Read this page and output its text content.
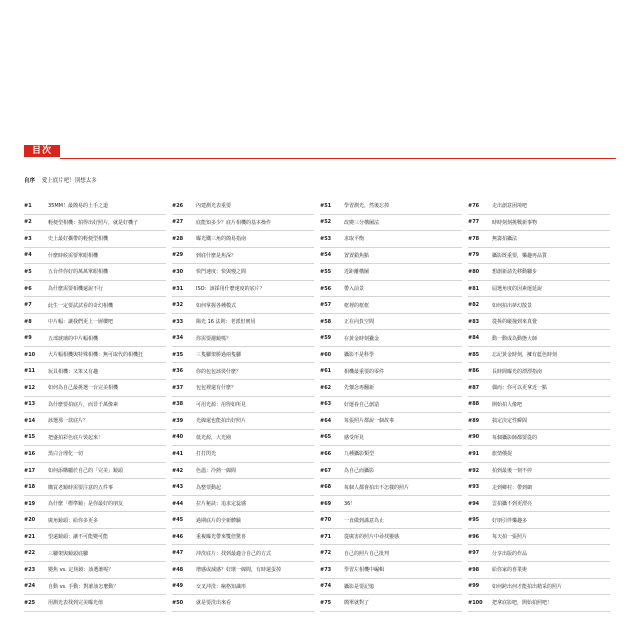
目次
自序 愛上底片吧！別想太多
#1	35MM！最簡易的上手之道
#2	輕便型相機：拍得出好照片，就是好機子
#3	史上最好攜帶的輕便型相機
#4	什麼時候需要單眼相機
#5	五台伴你好的萬萬單眼相機
#6	為什麼需要相機還說不行
#7	此生一定要試試看的奇幻相機
#8	中片幅：讓我們更上一層樓吧
#9	五部琥璃的中片幅相機
#10	大片幅相機與特殊相機：無可取代的相機狂
#11	玩具相機：又笨又有趣
#12	如何為自己最挑選一台完美相機
#13	為什麼要拍底片，而非千萬像素
#14	該選那一款底片？
#15	把盛拍彩色底片裝起來！
#16	黑白合理化一切
#17	如何添購屬於自己的「完美」鏡頭
#18	購買老鏡時需要注意的五件事
#19	為什麼「標準鏡」是你最好的朋友
#20	廣角鏡頭：給你多更多
#21	望遠鏡頭：讓不可能變可能
#22	三腳架與鏡頭底腳
#23	變焦 vs. 定焦鏡：該選誰呢？
#24	自動 vs. 手動：對誰該怎麼動？
#25	用測光表找到完美曝光值
#26	內建測光表重要
#27	底能知多少？底片相機的基本操作
#28	曝光鐵三角的簡易指南
#29	到底什麼是焦深？
#30	快門速度：快與慢之間
#31	ISO：該採用什麼速度的底片？
#32	如何掌握各種模式
#33	陽光 16 法則：老派但實用
#34	你需要濾鏡嗎？
#35	三隻腳架勝過兩隻腳
#36	你的包包該裝什麼？
#37	包包裡還有什麼？
#38	可用光源：用得如所見
#39	光線還也能拍出好照片
#40	低光源，大光圈
#41	打打閃光
#42	色溫：冷熱一線間
#43	為整票動起
#44	拉片秘訣：追求定蕊感
#45	過期底片的全新體驗
#46	重複曝光帶來雙倍驚喜
#47	沖洗底片：找到最適合自己的方式
#48	增感或減感？好壞一線間，有時還蛋掉
#49	交叉沖洗：瘋格知識形
#50	就是要洗出來看
#51	學習測光，然後忘掉
#52	改變三分構圖法
#53	求取平衡
#54	置置錯焦點
#55	近距離構圖
#56	帶入前景
#57	框裡的框框
#58	正在向負空間
#59	在黃金時刻獵金
#60	攝影不是科學
#61	相機最重要的零件
#62	先懷念再翻新
#63	好運眷自己創造
#64	每張照片都說一個故事
#65	感受所見
#66	九種攝影類型
#67	為自己而攝影
#68	每個人都會拍出不怎樣的照片
#69	36！
#70	一直做到滿意為止
#71	從廣害的照片中尋找靈感
#72	自己的照片自己批判
#73	學習左相機中編輯
#74	攝影是要記憶
#75	簡單就對了
#76	走出創意困境吧
#77	時時刻刻挑戰新事物
#78	無籌拍攝法
#79	攝影既重要，樂趣再品質
#80	想創新請先移動腳步
#81	屆選角度的因素運延說
#82	如何拍出夢幻散景
#83	從拆的碰撞到來真覺
#84	動一動成為動態大師
#85	忘記黃金時刻，擁有藍色時刻
#86	長時間曝光的漂漂指南
#87	偶而：你可以更拿近一點
#88	開始拍人像吧
#89	搞定決定性瞬間
#90	每個攝影師都要從的
#91	旅情俄捉
#92	拍到最後一刻不停
#93	走到鄉村：帶到網
#94	雲拍攝不到更漂亮
#95	好朋引伴樂趣多
#96	每天拍一張照片
#97	分享出版的作品
#98	給你家的喜業術
#99	如何跨出何才能拍出精采的照片
#100	把拿底影吧，開始拍照吧！
